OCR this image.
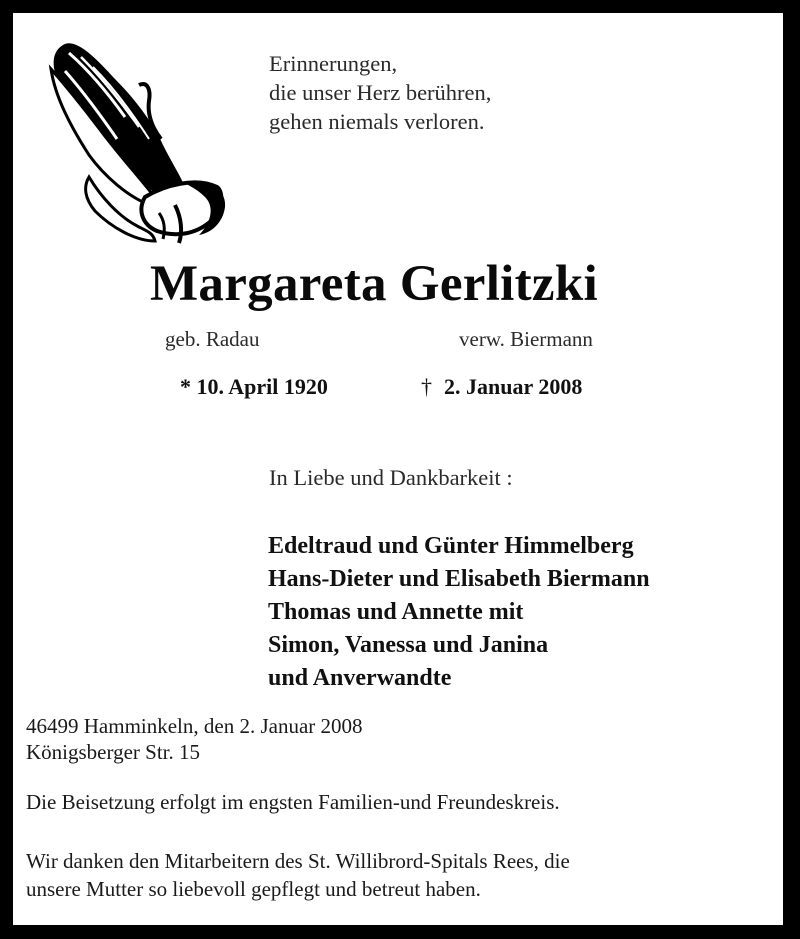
Erinnerungen,
die unser Herz berühren,
gehen niemals verloren.
Margareta Gerlitzki
geb. Radau	verw. Biermann
* 10. April 1920	† 2. Januar 2008
In Liebe und Dankbarkeit :
Edeltraud und Günter Himmelberg
Hans-Dieter und Elisabeth Biermann
Thomas und Annette mit
Simon, Vanessa und Janina
und Anverwandte
46499 Hamminkeln, den 2. Januar 2008
Königsberger Str. 15
Die Beisetzung erfolgt im engsten Familien-und Freundeskreis.
Wir danken den Mitarbeitern des St. Willibrord-Spitals Rees, die
unsere Mutter so liebevoll gepflegt und betreut haben.
